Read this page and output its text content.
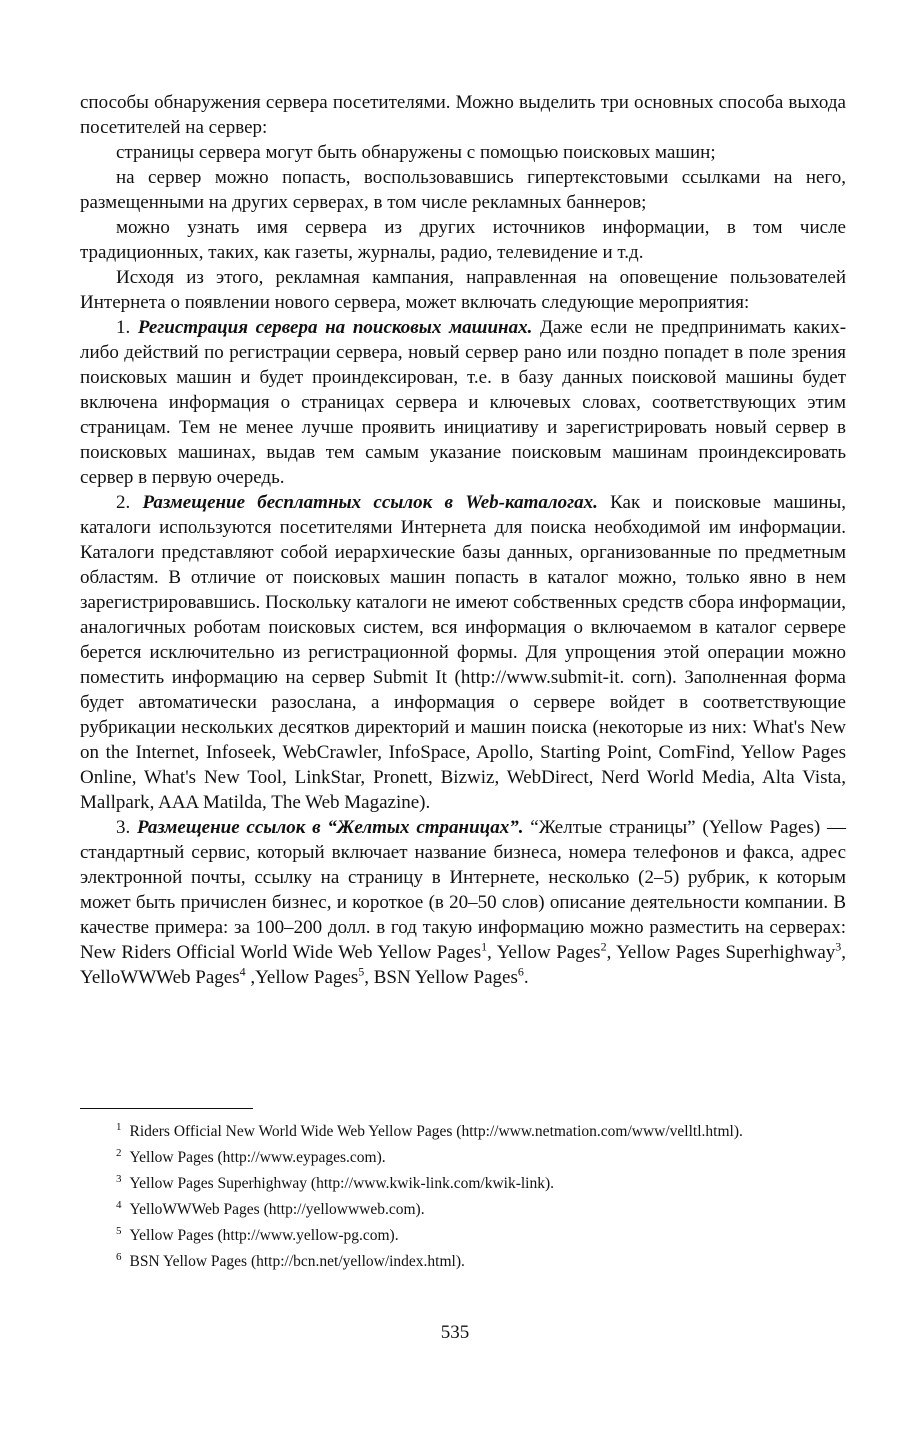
способы обнаружения сервера посетителями. Можно выделить три основных способа выхода посетителей на сервер:

страницы сервера могут быть обнаружены с помощью поисковых машин;

на сервер можно попасть, воспользовавшись гипертекстовыми ссылками на него, размещенными на других серверах, в том числе рекламных баннеров;

можно узнать имя сервера из других источников информации, в том числе традиционных, таких, как газеты, журналы, радио, телевидение и т.д.

Исходя из этого, рекламная кампания, направленная на оповещение пользователей Интернета о появлении нового сервера, может включать следующие мероприятия:

1. Регистрация сервера на поисковых машинах. Даже если не предпринимать каких-либо действий по регистрации сервера, новый сервер рано или поздно попадет в поле зрения поисковых машин и будет проиндексирован, т.е. в базу данных поисковой машины будет включена информация о страницах сервера и ключевых словах, соответствующих этим страницам. Тем не менее лучше проявить инициативу и зарегистрировать новый сервер в поисковых машинах, выдав тем самым указание поисковым машинам проиндексировать сервер в первую очередь.

2. Размещение бесплатных ссылок в Web-каталогах. Как и поисковые машины, каталоги используются посетителями Интернета для поиска необходимой им информации. Каталоги представляют собой иерархические базы данных, организованные по предметным областям. В отличие от поисковых машин попасть в каталог можно, только явно в нем зарегистрировавшись. Поскольку каталоги не имеют собственных средств сбора информации, аналогичных роботам поисковых систем, вся информация о включаемом в каталог сервере берется исключительно из регистрационной формы. Для упрощения этой операции можно поместить информацию на сервер Submit It (http://www.submit-it. corn). Заполненная форма будет автоматически разослана, а информация о сервере войдет в соответствующие рубрикации нескольких десятков директорий и машин поиска (некоторые из них: What's New on the Internet, Infoseek, WebCrawler, InfoSpace, Apollo, Starting Point, ComFind, Yellow Pages Online, What's New Tool, LinkStar, Pronett, Bizwiz, WebDirect, Nerd World Media, Alta Vista, Mallpark, AAA Matilda, The Web Magazine).

3. Размещение ссылок в “Желтых страницах”. “Желтые страницы” (Yellow Pages) — стандартный сервис, который включает название бизнеса, номера телефонов и факса, адрес электронной почты, ссылку на страницу в Интернете, несколько (2–5) рубрик, к которым может быть причислен бизнес, и короткое (в 20–50 слов) описание деятельности компании. В качестве примера: за 100–200 долл. в год такую информацию можно разместить на серверах: New Riders Official World Wide Web Yellow Pages$^1$, Yellow Pages$^2$, Yellow Pages Superhighway$^3$, YelloWWWeb Pages$^4$ ,Yellow Pages$^5$, BSN Yellow Pages$^6$.

$^1$ Riders Official New World Wide Web Yellow Pages (http://www.netmation.com/www/velltl.html).

$^2$ Yellow Pages (http://www.eypages.com).

$^3$ Yellow Pages Superhighway (http://www.kwik-link.com/kwik-link).

$^4$ YelloWWWeb Pages (http://yellowwweb.com).

$^5$ Yellow Pages (http://www.yellow-pg.com).

$^6$ BSN Yellow Pages (http://bcn.net/yellow/index.html).

535
